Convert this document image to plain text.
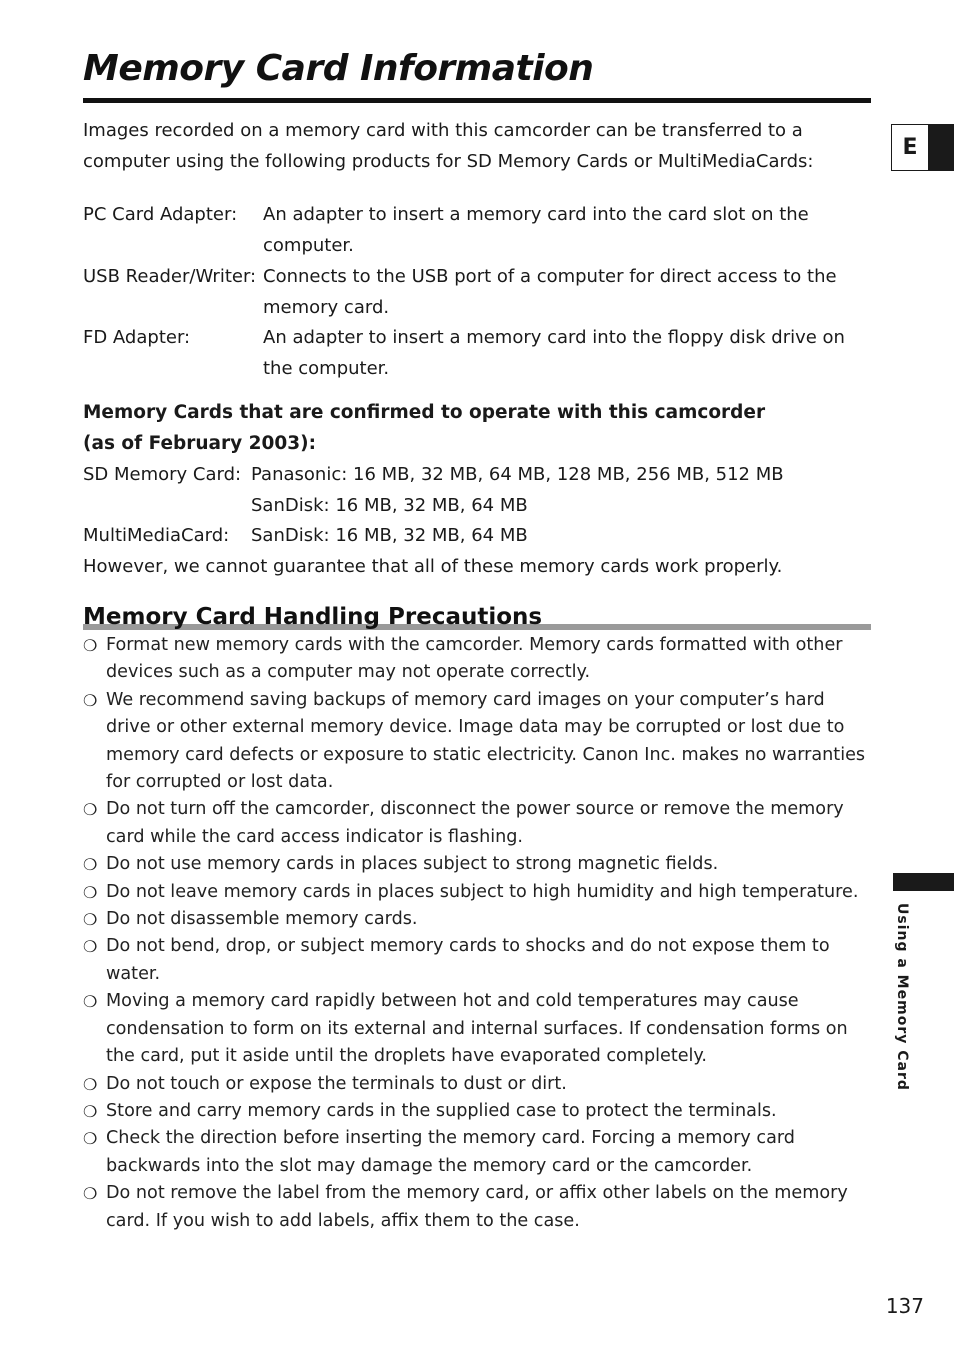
Memory Card Information
E

Images recorded on a memory card with this camcorder can be transferred to a computer using the following products for SD Memory Cards or MultiMediaCards:

PC Card Adapter: An adapter to insert a memory card into the card slot on the computer.
USB Reader/Writer: Connects to the USB port of a computer for direct access to the memory card.
FD Adapter:	An adapter to insert a memory card into the floppy disk drive on the computer.
Memory Cards that are confirmed to operate with this camcorder
(as of February 2003):
SD Memory Card: Panasonic: 16 MB, 32 MB, 64 MB, 128 MB, 256 MB, 512 MB
SanDisk: 16 MB, 32 MB, 64 MB
MultiMediaCard: SanDisk: 16 MB, 32 MB, 64 MB

However, we cannot guarantee that all of these memory cards work properly.

Memory Card Handling Precautions
❍ Format new memory cards with the camcorder. Memory cards formatted with other devices such as a computer may not operate correctly.
❍ We recommend saving backups of memory card images on your computer’s hard drive or other external memory device. Image data may be corrupted or lost due to memory card defects or exposure to static electricity. Canon Inc. makes no warranties for corrupted or lost data.
❍ Do not turn off the camcorder, disconnect the power source or remove the memory card while the card access indicator is flashing.
❍ Do not use memory cards in places subject to strong magnetic fields.
❍ Do not leave memory cards in places subject to high humidity and high temperature.
❍ Do not disassemble memory cards.
❍ Do not bend, drop, or subject memory cards to shocks and do not expose them to water.
❍ Moving a memory card rapidly between hot and cold temperatures may cause condensation to form on its external and internal surfaces. If condensation forms on the card, put it aside until the droplets have evaporated completely.
❍ Do not touch or expose the terminals to dust or dirt.
❍ Store and carry memory cards in the supplied case to protect the terminals.
❍ Check the direction before inserting the memory card. Forcing a memory card backwards into the slot may damage the memory card or the camcorder.
❍ Do not remove the label from the memory card, or affix other labels on the memory card. If you wish to add labels, affix them to the case.
Using a Memory Card
137
